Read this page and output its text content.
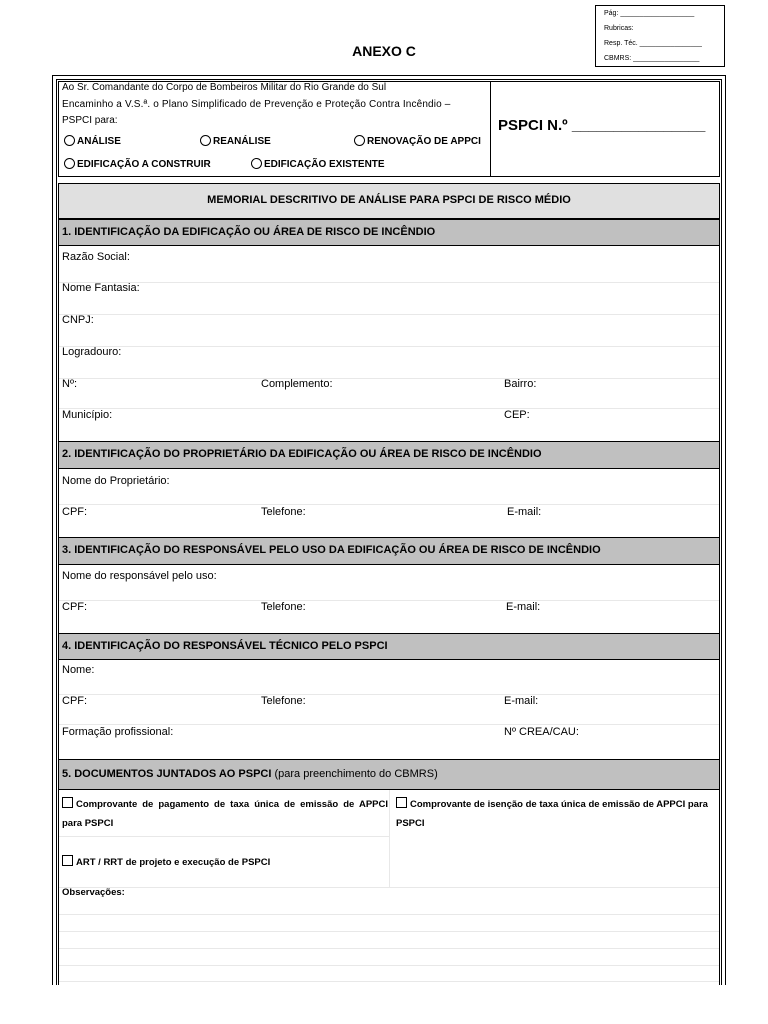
Pág: ___________________
Rubricas:
Resp. Téc. ________________
CBMRS: _________________
ANEXO C
Ao Sr. Comandante do Corpo de Bombeiros Militar do Rio Grande do Sul
Encaminho a V.S.ª. o Plano Simplificado de Prevenção e Proteção Contra Incêndio –
PSPCI para:
ANÁLISE	REANÁLISE	RENOVAÇÃO DE APPCI
EDIFICAÇÃO A CONSTRUIR	EDIFICAÇÃO EXISTENTE
PSPCI N.º ________________
MEMORIAL DESCRITIVO DE ANÁLISE PARA PSPCI DE RISCO MÉDIO
1. IDENTIFICAÇÃO DA EDIFICAÇÃO OU ÁREA DE RISCO DE INCÊNDIO
Razão Social:
Nome Fantasia:
CNPJ:
Logradouro:
Nº:	Complemento:	Bairro:
Município:	CEP:
2. IDENTIFICAÇÃO DO PROPRIETÁRIO DA EDIFICAÇÃO OU ÁREA DE RISCO DE INCÊNDIO
Nome do Proprietário:
CPF:	Telefone:	E-mail:
3. IDENTIFICAÇÃO DO RESPONSÁVEL PELO USO DA EDIFICAÇÃO OU ÁREA DE RISCO DE INCÊNDIO
Nome do responsável pelo uso:
CPF:	Telefone:	E-mail:
4. IDENTIFICAÇÃO DO RESPONSÁVEL TÉCNICO PELO PSPCI
Nome:
CPF:	Telefone:	E-mail:
Formação profissional:	Nº CREA/CAU:
5. DOCUMENTOS JUNTADOS AO PSPCI (para preenchimento do CBMRS)
Comprovante de pagamento de taxa única de emissão de APPCI para PSPCI
Comprovante de isenção de taxa única de emissão de APPCI para PSPCI
ART / RRT de projeto e execução de PSPCI
Observações:
